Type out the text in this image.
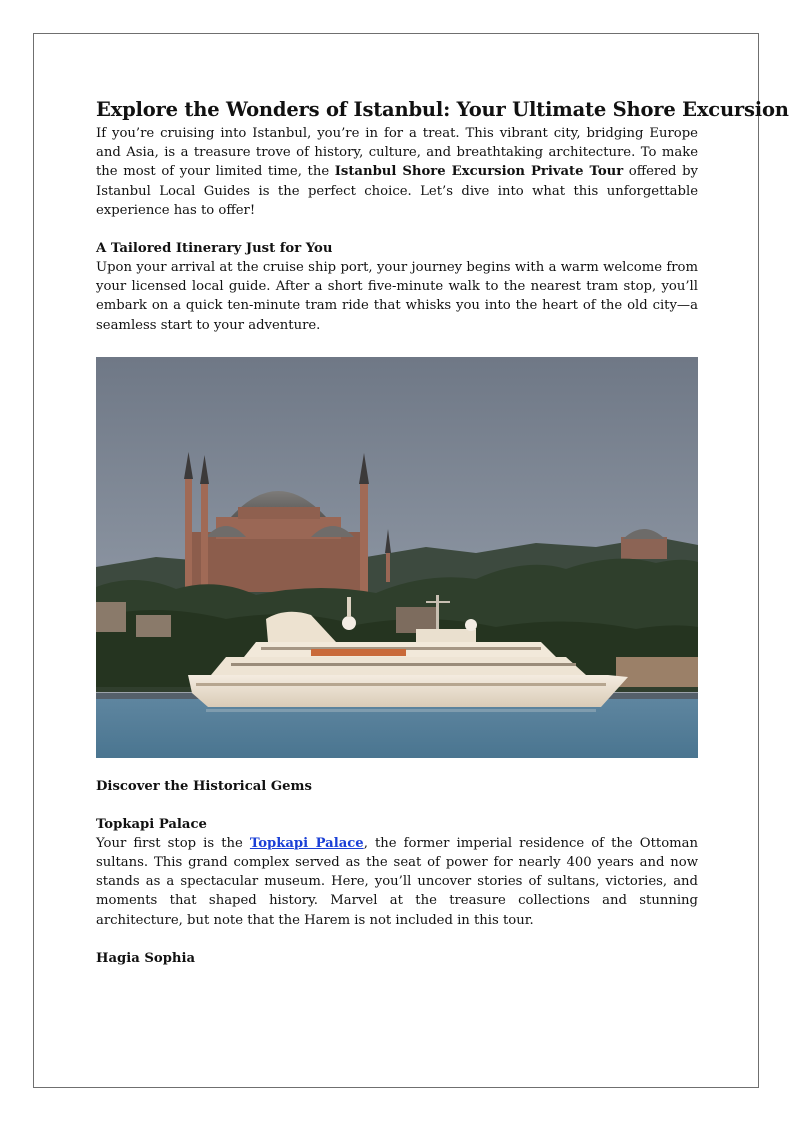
Explore the Wonders of Istanbul: Your Ultimate Shore Excursion

If you’re cruising into Istanbul, you’re in for a treat. This vibrant city, bridging Europe and Asia, is a treasure trove of history, culture, and breathtaking architecture. To make the most of your limited time, the Istanbul Shore Excursion Private Tour offered by Istanbul Local Guides is the perfect choice. Let’s dive into what this unforgettable experience has to offer!

A Tailored Itinerary Just for You

Upon your arrival at the cruise ship port, your journey begins with a warm welcome from your licensed local guide. After a short five-minute walk to the nearest tram stop, you’ll embark on a quick ten-minute tram ride that whisks you into the heart of the old city—a seamless start to your adventure.

Discover the Historical Gems
Topkapi Palace

Your first stop is the Topkapi Palace, the former imperial residence of the Ottoman sultans. This grand complex served as the seat of power for nearly 400 years and now stands as a spectacular museum. Here, you’ll uncover stories of sultans, victories, and moments that shaped history. Marvel at the treasure collections and stunning architecture, but note that the Harem is not included in this tour.

Hagia Sophia
